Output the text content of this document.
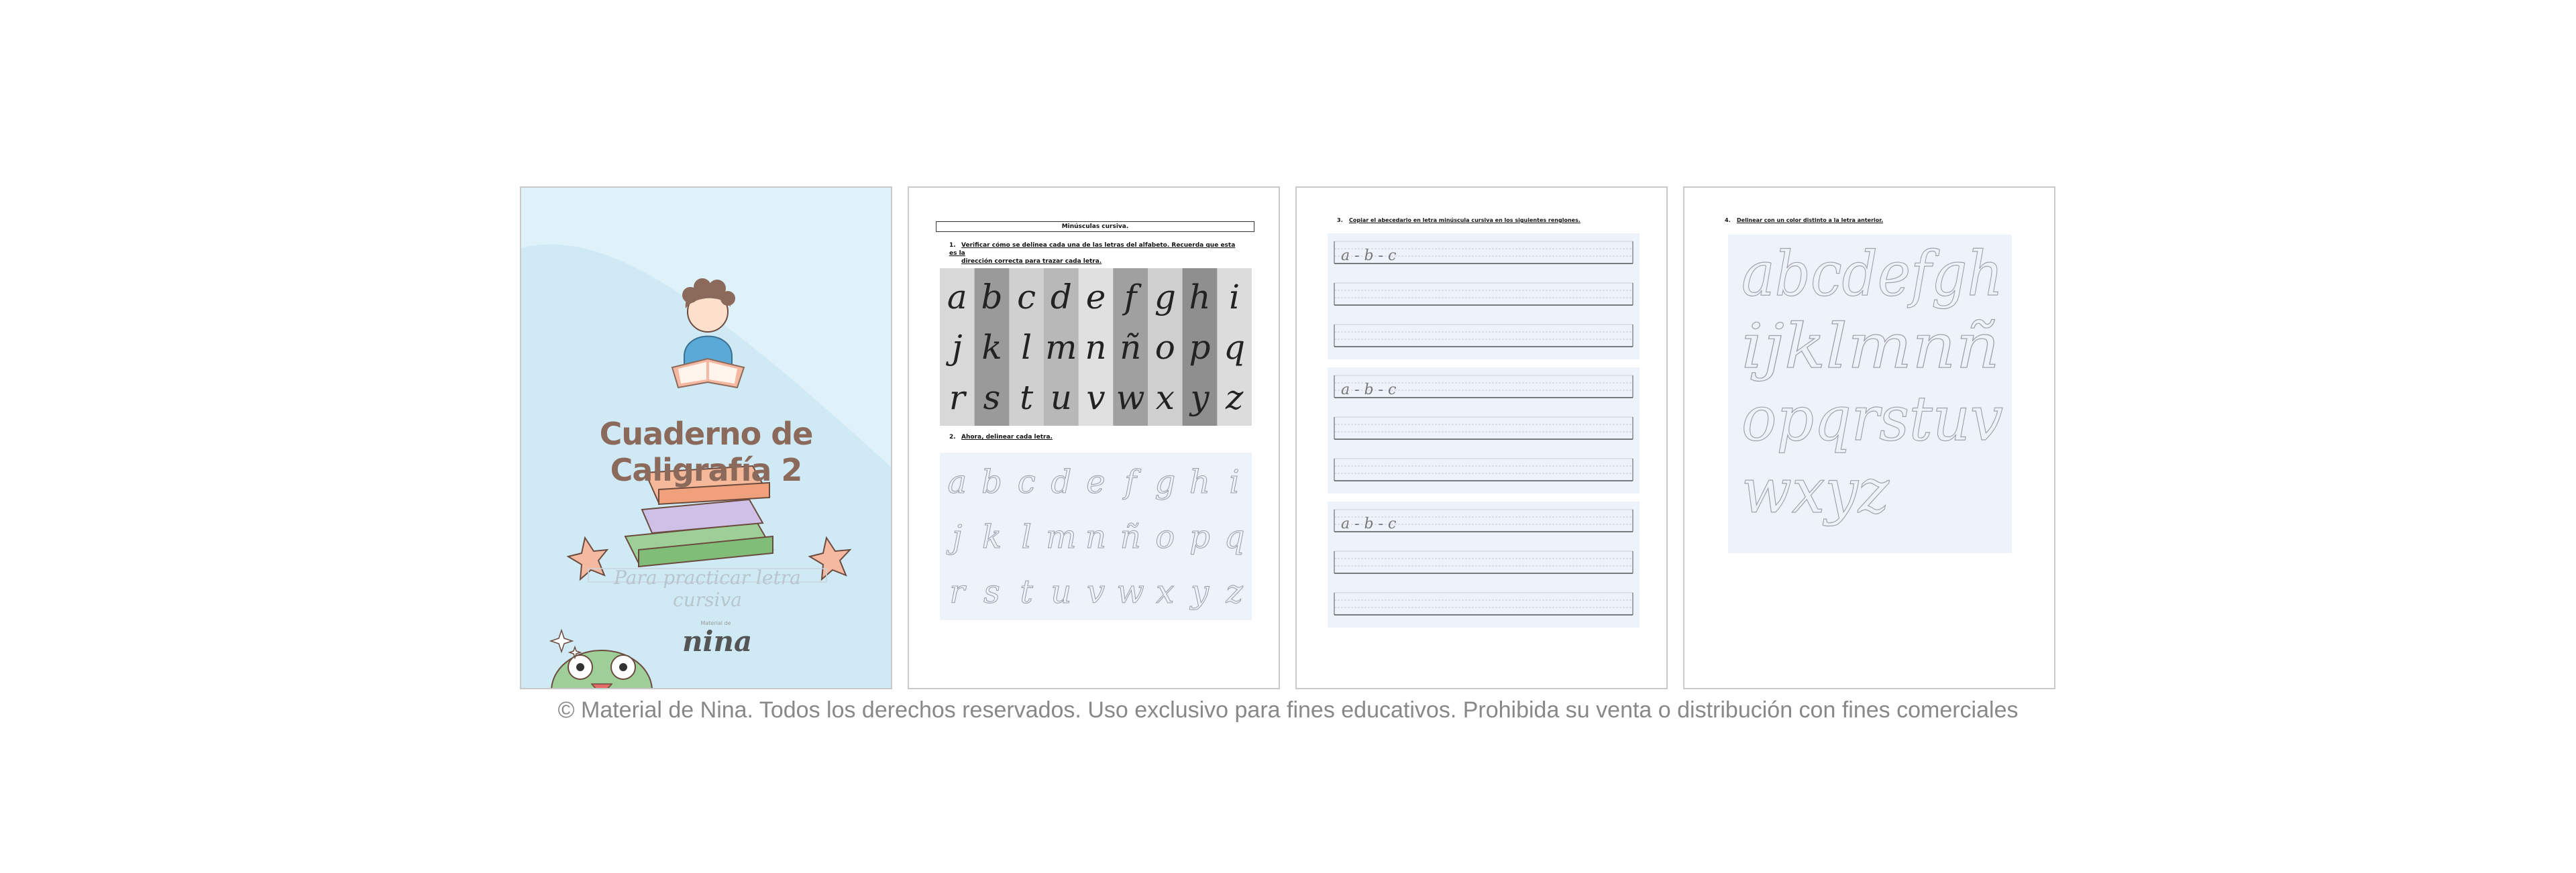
Cuaderno de Caligrafía 2
Para practicar letra cursiva
Material de
nina
Minúsculas cursiva.
1. Verificar cómo se delinea cada una de las letras del alfabeto. Recuerda que esta es la
dirección correcta para trazar cada letra.
a b c d e f g h i
j k l m n ñ o p q
r s t u v w x y z
2. Ahora, delinear cada letra.
a b c d e f g h i
j k l m n ñ o p q
r s t u v w x y z
3. Copiar el abecedario en letra minúscula cursiva en los siguientes renglones.
a - b - c
a - b - c
a - b - c
4. Delinear con un color distinto a la letra anterior.
abcdefgh
ijklmnñ
opqrstuv
wxyz
© Material de Nina. Todos los derechos reservados. Uso exclusivo para fines educativos. Prohibida su venta o distribución con fines comerciales
